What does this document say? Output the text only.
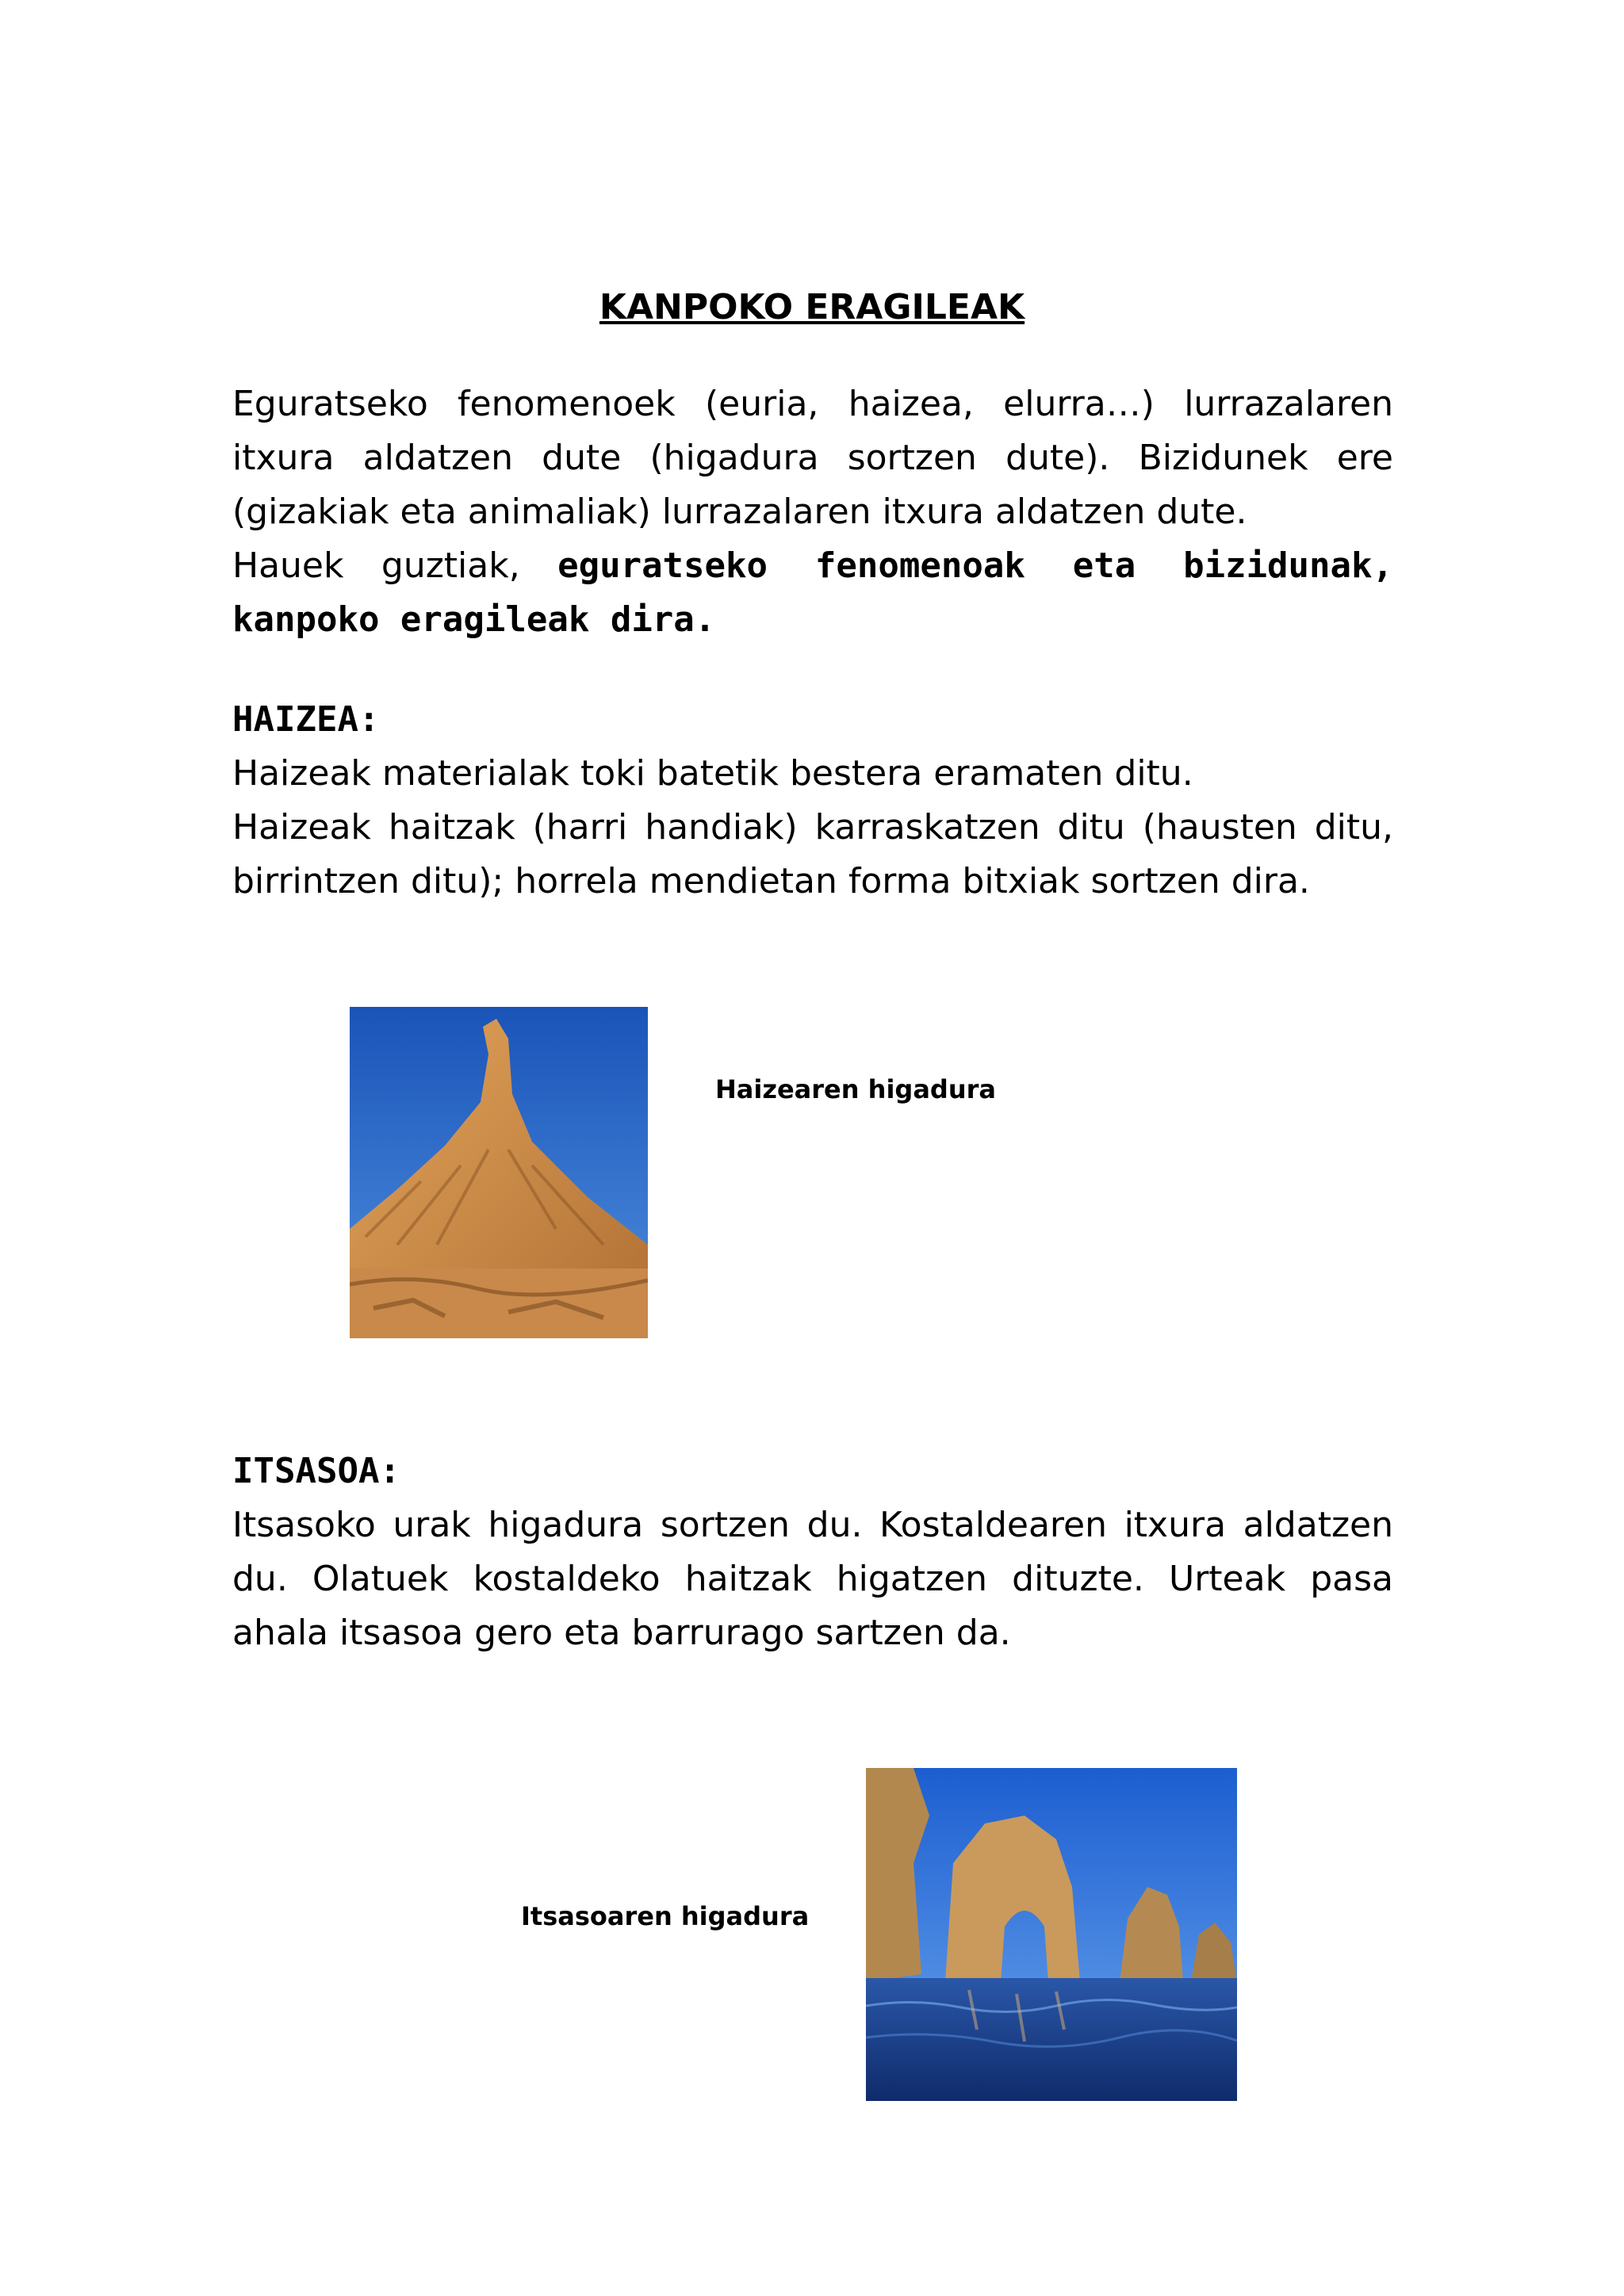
KANPOKO ERAGILEAK

Eguratseko fenomenoek (euria, haizea, elurra…) lurrazalaren itxura aldatzen dute (higadura sortzen dute). Bizidunek ere (gizakiak eta animaliak) lurrazalaren itxura aldatzen dute.
Hauek guztiak, eguratseko fenomenoak eta bizidunak, kanpoko eragileak dira.

HAIZEA:

Haizeak materialak toki batetik bestera eramaten ditu.
Haizeak haitzak (harri handiak) karraskatzen ditu (hausten ditu, birrintzen ditu); horrela mendietan forma bitxiak sortzen dira.

Haizearen higadura

ITSASOA:

Itsasoko urak higadura sortzen du. Kostaldearen itxura aldatzen du. Olatuek kostaldeko haitzak higatzen dituzte. Urteak pasa ahala itsasoa gero eta barrurago sartzen da.

Itsasoaren higadura
